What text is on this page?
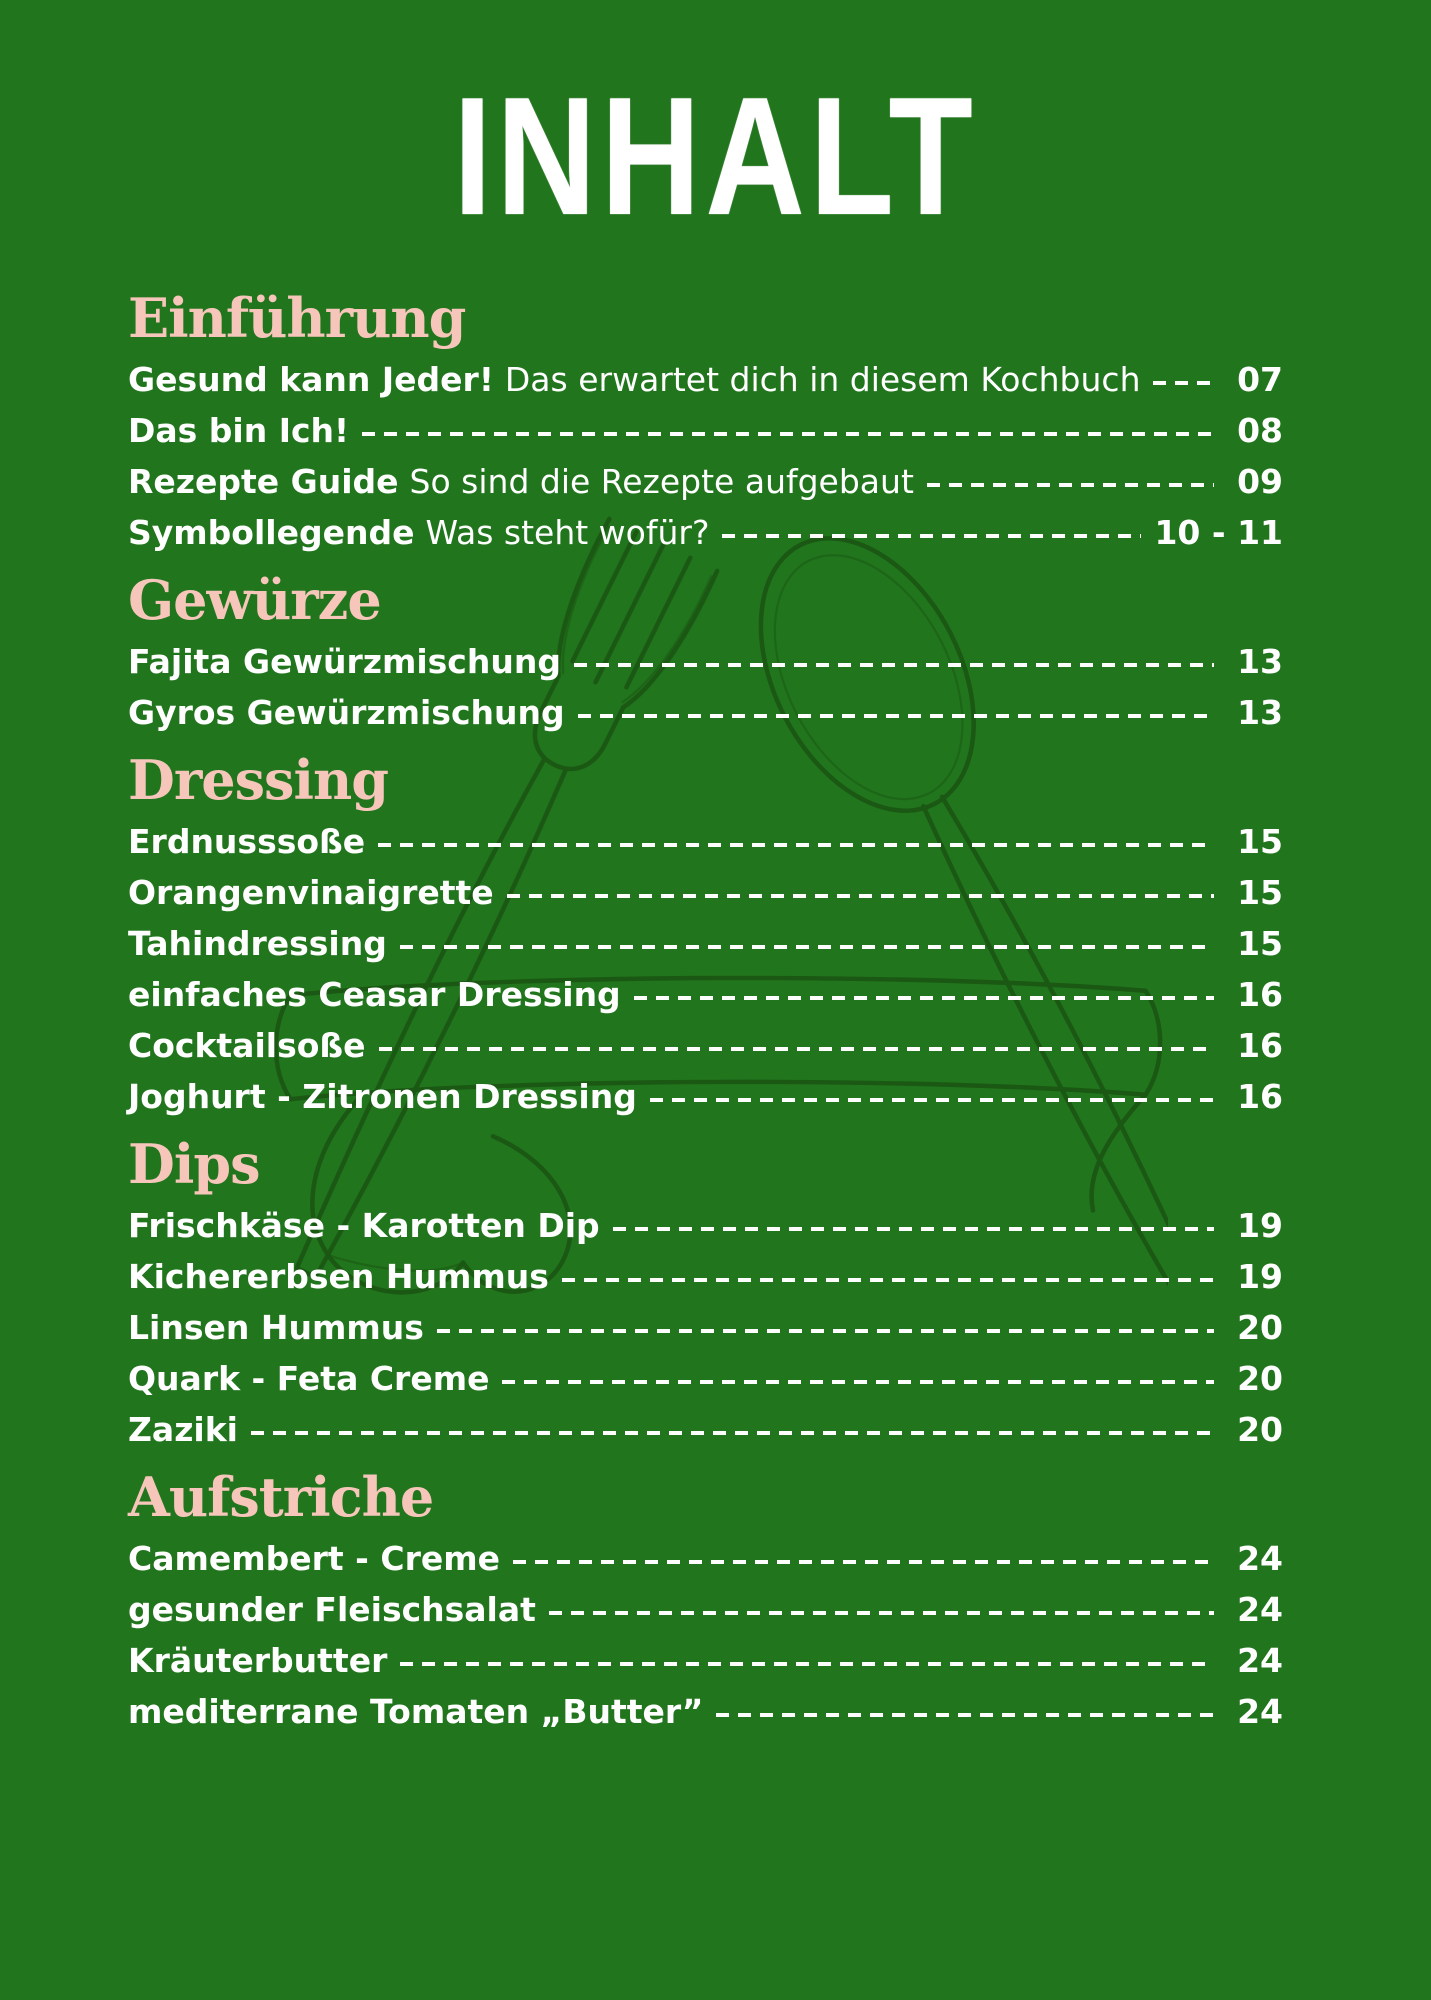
INHALT
Einführung
Gesund kann Jeder! Das erwartet dich in diesem Kochbuch	07
Das bin Ich!	08
Rezepte Guide So sind die Rezepte aufgebaut	09
Symbollegende Was steht wofür?	10 - 11
Gewürze
Fajita Gewürzmischung	13
Gyros Gewürzmischung	13
Dressing
Erdnusssoße	15
Orangenvinaigrette	15
Tahindressing	15
einfaches Ceasar Dressing	16
Cocktailsoße	16
Joghurt - Zitronen Dressing	16
Dips
Frischkäse - Karotten Dip	19
Kichererbsen Hummus	19
Linsen Hummus	20
Quark - Feta Creme	20
Zaziki	20
Aufstriche
Camembert - Creme	24
gesunder Fleischsalat	24
Kräuterbutter	24
mediterrane Tomaten „Butter”	24
